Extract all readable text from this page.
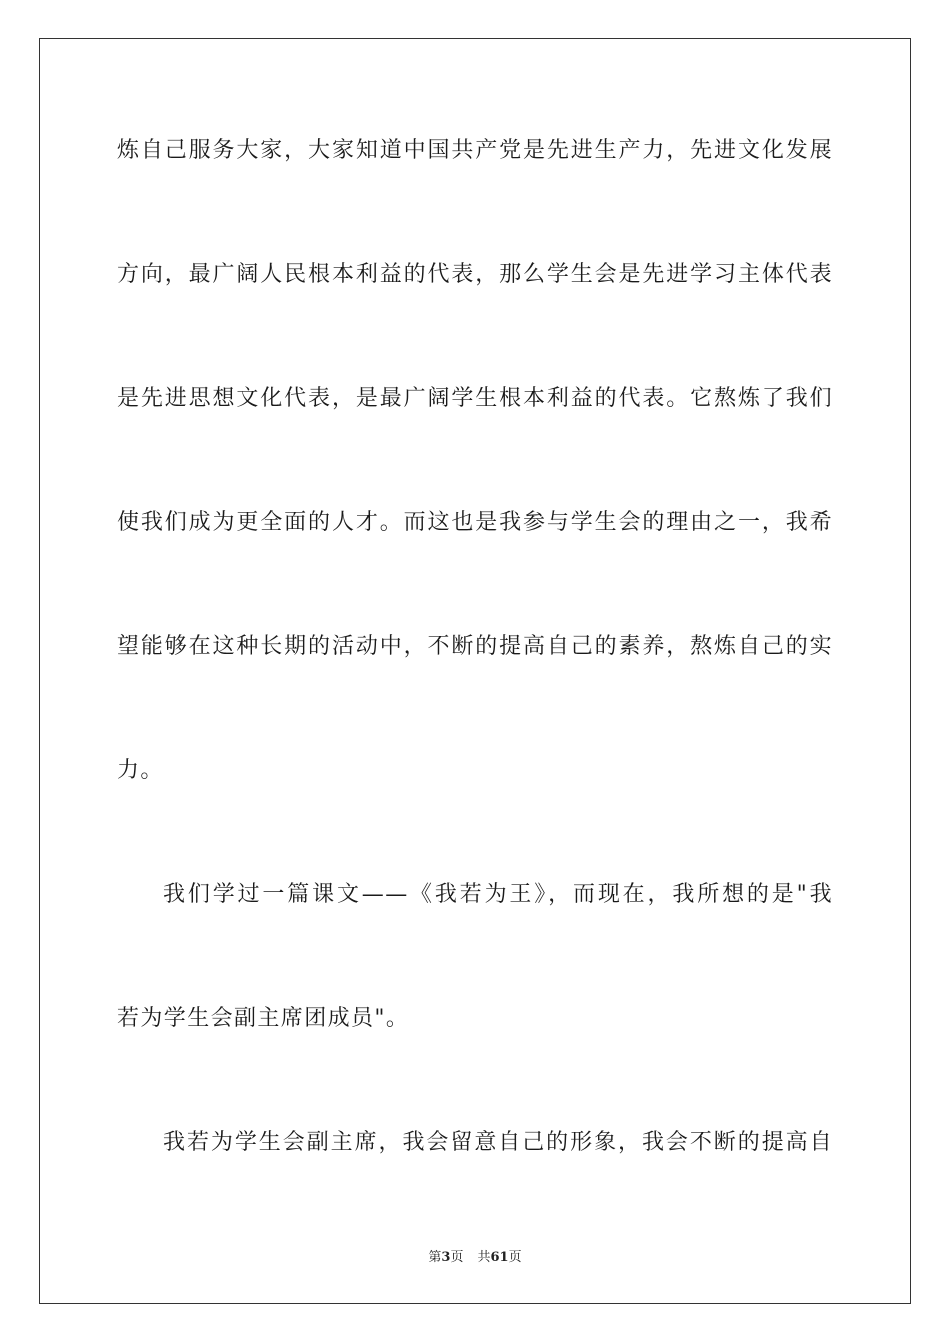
炼自己服务大家，大家知道中国共产党是先进生产力，先进文化发展
方向，最广阔人民根本利益的代表，那么学生会是先进学习主体代表
是先进思想文化代表，是最广阔学生根本利益的代表。它熬炼了我们
使我们成为更全面的人才。而这也是我参与学生会的理由之一，我希
望能够在这种长期的活动中，不断的提高自己的素养，熬炼自己的实
力。
我们学过一篇课文——《我若为王》，而现在，我所想的是"我
若为学生会副主席团成员"。
我若为学生会副主席，我会留意自己的形象，我会不断的提高自
第3页 共61页
